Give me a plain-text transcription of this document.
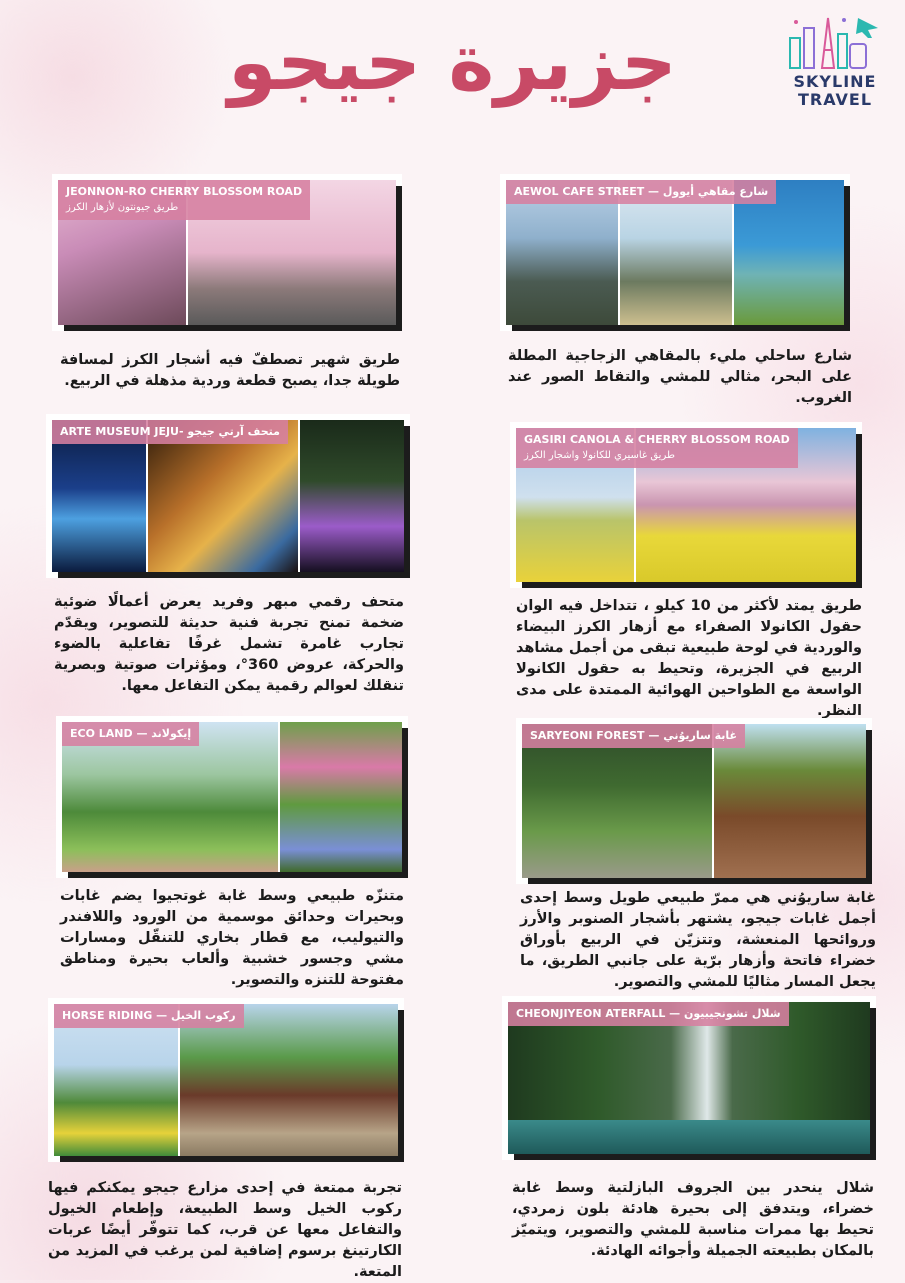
جزيرة جيجو	SKYLINE
TRAVEL
JEONNON-RO CHERRY BLOSSOM ROAD
طريق جيونتون لأزهار الكرز
طريق شهير تصطفّ فيه أشجار الكرز لمسافة طويلة جدا، يصبح قطعة وردية مذهلة في الربيع.
AEWOL CAFE STREET — شارع مقاهي أيوول
شارع ساحلي مليء بالمقاهي الزجاجية المطلة على البحر، مثالي للمشي والتقاط الصور عند الغروب.
ARTE MUSEUM JEJU- متحف آرتي جيجو
متحف رقمي مبهر وفريد يعرض أعمالًا ضوئية ضخمة تمنح تجربة فنية حديثة للتصوير، ويقدّم تجارب غامرة تشمل غرفًا تفاعلية بالضوء والحركة، عروض 360°، ومؤثرات صوتية وبصرية تنقلك لعوالم رقمية يمكن التفاعل معها.
GASIRI CANOLA & CHERRY BLOSSOM ROAD
طريق غاسيري للكانولا واشجار الكرز
طريق يمتد لأكثر من 10 كيلو ، تتداخل فيه الوان حقول الكانولا الصفراء مع أزهار الكرز البيضاء والوردية في لوحة طبيعية تبقى من أجمل مشاهد الربيع في الجزيرة، وتحيط به حقول الكانولا الواسعة مع الطواحين الهوائية الممتدة على مدى النظر.
ECO LAND — إيكولاند
متنزّه طبيعي وسط غابة غوتجيوا يضم غابات وبحيرات وحدائق موسمية من الورود واللافندر والتيوليب، مع قطار بخاري للتنقّل ومسارات مشي وجسور خشبية وألعاب بحيرة ومناطق مفتوحة للتنزه والتصوير.
SARYEONI FOREST — غابة ساريوُني
غابة ساريوُني هي ممرّ طبيعي طويل وسط إحدى أجمل غابات جيجو، يشتهر بأشجار الصنوبر والأرز وروائحها المنعشة، وتتزيّن في الربيع بأوراق خضراء فاتحة وأزهار برّية على جانبي الطريق، ما يجعل المسار مثاليًا للمشي والتصوير.
HORSE RIDING — ركوب الخيل
تجربة ممتعة في إحدى مزارع جيجو يمكنكم فيها ركوب الخيل وسط الطبيعة، وإطعام الخيول والتفاعل معها عن قرب، كما تتوفّر أيضًا عربات الكارتينغ برسوم إضافية لمن يرغب في المزيد من المتعة.
CHEONJIYEON ATERFALL — شلال تشونجيبيون
شلال ينحدر بين الجروف البازلتية وسط غابة خضراء، ويتدفق إلى بحيرة هادئة بلون زمردي، تحيط بها ممرات مناسبة للمشي والتصوير، ويتميّز بالمكان بطبيعته الجميلة وأجوائه الهادئة.
